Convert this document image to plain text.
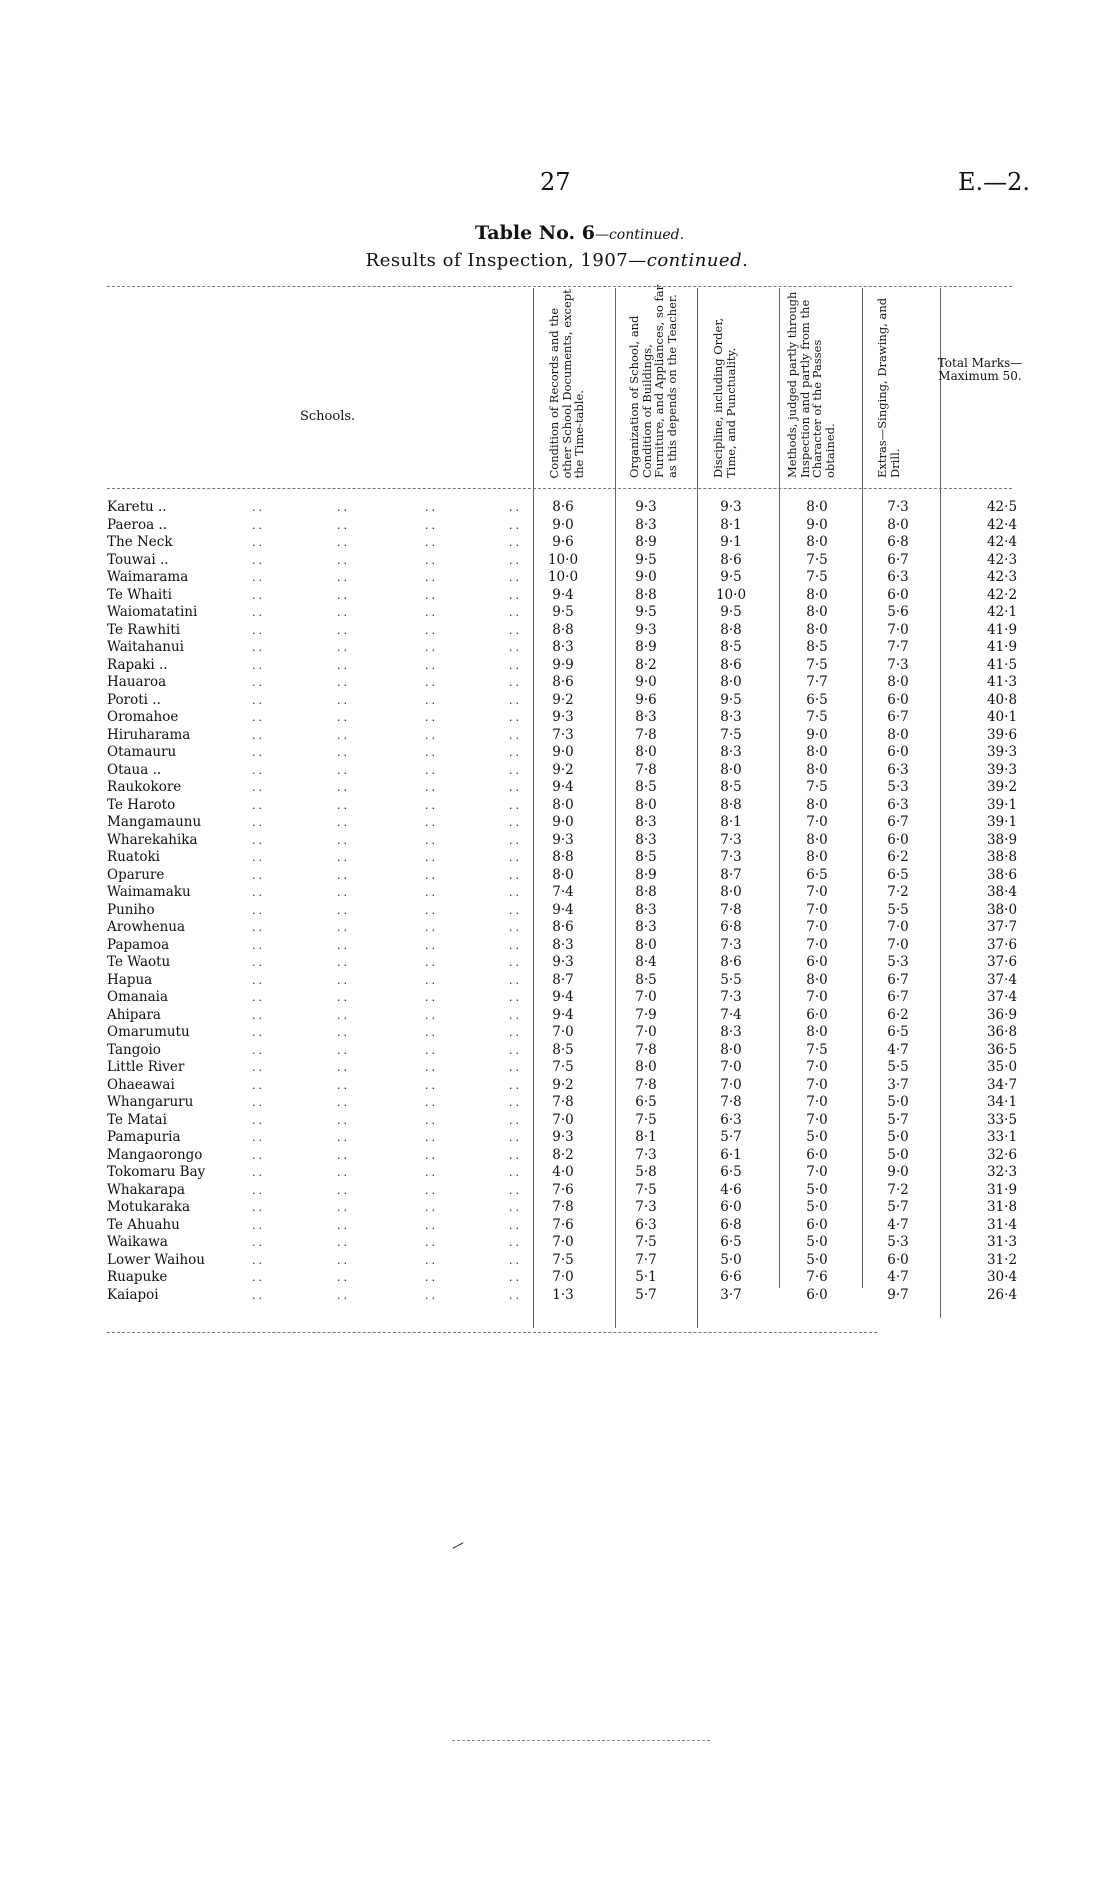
27	E.—2.
Table No. 6—continued.
Results of Inspection, 1907—continued.
Schools.	Condition of Records and the other School Documents, except the Time-table.	Organization of School, and Condition of Buildings, Furniture, and Appliances, so far as this depends on the Teacher.	Discipline, including Order, Time, and Punctuality.	Methods, judged partly through Inspection and partly from the Character of the Passes obtained.	Extras—Singing, Drawing, and Drill.
Total Marks— Maximum 50.
Karetu ..	..	..	..	..	8·6	9·3	9·3	8·0	7·3	42·5
Paeroa ..	..	..	..	..	9·0	8·3	8·1	9·0	8·0	42·4
The Neck	..	..	..	..	9·6	8·9	9·1	8·0	6·8	42·4
Touwai ..	..	..	..	..	10·0	9·5	8·6	7·5	6·7	42·3
Waimarama	..	..	..	..	10·0	9·0	9·5	7·5	6·3	42·3
Te Whaiti	..	..	..	..	9·4	8·8	10·0	8·0	6·0	42·2
Waiomatatini	..	..	..	..	9·5	9·5	9·5	8·0	5·6	42·1
Te Rawhiti	..	..	..	..	8·8	9·3	8·8	8·0	7·0	41·9
Waitahanui	..	..	..	..	8·3	8·9	8·5	8·5	7·7	41·9
Rapaki ..	..	..	..	..	9·9	8·2	8·6	7·5	7·3	41·5
Hauaroa	..	..	..	..	8·6	9·0	8·0	7·7	8·0	41·3
Poroti ..	..	..	..	..	9·2	9·6	9·5	6·5	6·0	40·8
Oromahoe	..	..	..	..	9·3	8·3	8·3	7·5	6·7	40·1
Hiruharama	..	..	..	..	7·3	7·8	7·5	9·0	8·0	39·6
Otamauru	..	..	..	..	9·0	8·0	8·3	8·0	6·0	39·3
Otaua ..	..	..	..	..	9·2	7·8	8·0	8·0	6·3	39·3
Raukokore	..	..	..	..	9·4	8·5	8·5	7·5	5·3	39·2
Te Haroto	..	..	..	..	8·0	8·0	8·8	8·0	6·3	39·1
Mangamaunu	..	..	..	..	9·0	8·3	8·1	7·0	6·7	39·1
Wharekahika	..	..	..	..	9·3	8·3	7·3	8·0	6·0	38·9
Ruatoki	..	..	..	..	8·8	8·5	7·3	8·0	6·2	38·8
Oparure	..	..	..	..	8·0	8·9	8·7	6·5	6·5	38·6
Waimamaku	..	..	..	..	7·4	8·8	8·0	7·0	7·2	38·4
Puniho	..	..	..	..	9·4	8·3	7·8	7·0	5·5	38·0
Arowhenua	..	..	..	..	8·6	8·3	6·8	7·0	7·0	37·7
Papamoa	..	..	..	..	8·3	8·0	7·3	7·0	7·0	37·6
Te Waotu	..	..	..	..	9·3	8·4	8·6	6·0	5·3	37·6
Hapua	..	..	..	..	8·7	8·5	5·5	8·0	6·7	37·4
Omanaia	..	..	..	..	9·4	7·0	7·3	7·0	6·7	37·4
Ahipara	..	..	..	..	9·4	7·9	7·4	6·0	6·2	36·9
Omarumutu	..	..	..	..	7·0	7·0	8·3	8·0	6·5	36·8
Tangoio	..	..	..	..	8·5	7·8	8·0	7·5	4·7	36·5
Little River	..	..	..	..	7·5	8·0	7·0	7·0	5·5	35·0
Ohaeawai	..	..	..	..	9·2	7·8	7·0	7·0	3·7	34·7
Whangaruru	..	..	..	..	7·8	6·5	7·8	7·0	5·0	34·1
Te Matai	..	..	..	..	7·0	7·5	6·3	7·0	5·7	33·5
Pamapuria	..	..	..	..	9·3	8·1	5·7	5·0	5·0	33·1
Mangaorongo	..	..	..	..	8·2	7·3	6·1	6·0	5·0	32·6
Tokomaru Bay	..	..	..	..	4·0	5·8	6·5	7·0	9·0	32·3
Whakarapa	..	..	..	..	7·6	7·5	4·6	5·0	7·2	31·9
Motukaraka	..	..	..	..	7·8	7·3	6·0	5·0	5·7	31·8
Te Ahuahu	..	..	..	..	7·6	6·3	6·8	6·0	4·7	31·4
Waikawa	..	..	..	..	7·0	7·5	6·5	5·0	5·3	31·3
Lower Waihou	..	..	..	..	7·5	7·7	5·0	5·0	6·0	31·2
Ruapuke	..	..	..	..	7·0	5·1	6·6	7·6	4·7	30·4
Kaiapoi	..	..	..	..	1·3	5·7	3·7	6·0	9·7	26·4
